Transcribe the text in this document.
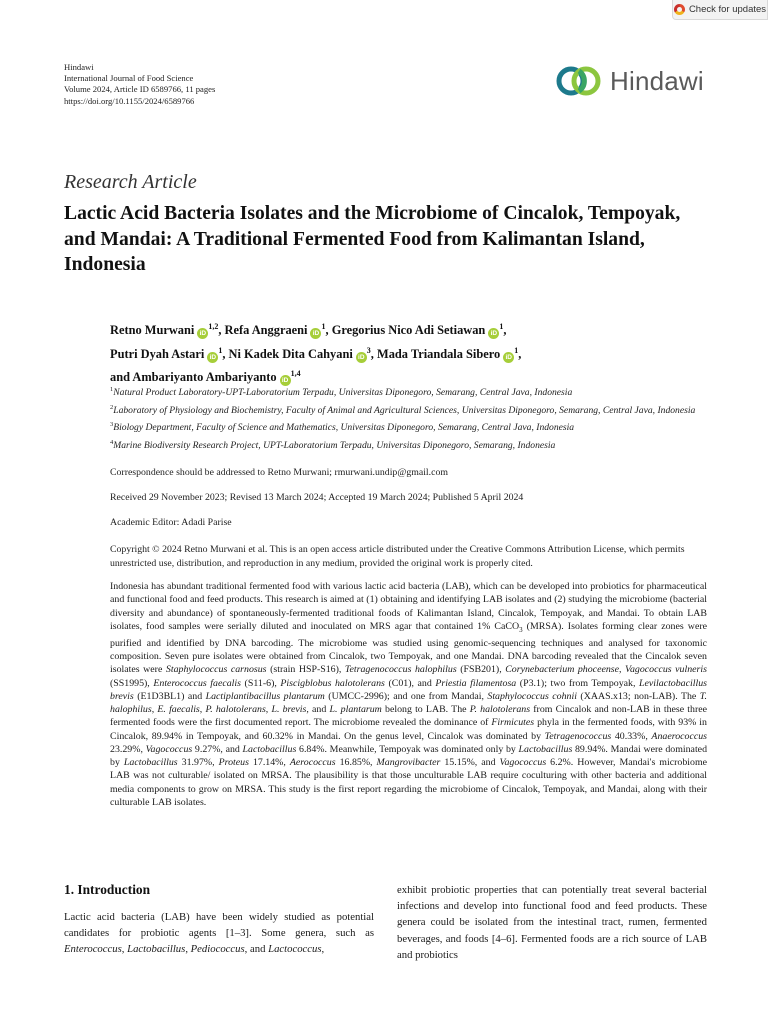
Check for updates
Hindawi
International Journal of Food Science
Volume 2024, Article ID 6589766, 11 pages
https://doi.org/10.1155/2024/6589766
Hindawi
Research Article
Lactic Acid Bacteria Isolates and the Microbiome of Cincalok, Tempoyak, and Mandai: A Traditional Fermented Food from Kalimantan Island, Indonesia
Retno Murwani iD$^{1,2}$, Refa Anggraeni $iD^1$, Gregorius Nico Adi Setiawan $iD^1$,
Putri Dyah Astari $iD^1$, Ni Kadek Dita Cahyani $iD^3$, Mada Triandala Sibero $iD^1$,
and Ambariyanto Ambariyanto iD$^{1,4}$
$^1$Natural Product Laboratory-UPT-Laboratorium Terpadu, Universitas Diponegoro, Semarang, Central Java, Indonesia
$^2$Laboratory of Physiology and Biochemistry, Faculty of Animal and Agricultural Sciences, Universitas Diponegoro, Semarang, Central Java, Indonesia
$^3$Biology Department, Faculty of Science and Mathematics, Universitas Diponegoro, Semarang, Central Java, Indonesia
$^4$Marine Biodiversity Research Project, UPT-Laboratorium Terpadu, Universitas Diponegoro, Semarang, Indonesia
Correspondence should be addressed to Retno Murwani; rmurwani.undip@gmail.com
Received 29 November 2023; Revised 13 March 2024; Accepted 19 March 2024; Published 5 April 2024
Academic Editor: Adadi Parise
Copyright © 2024 Retno Murwani et al. This is an open access article distributed under the Creative Commons Attribution License, which permits unrestricted use, distribution, and reproduction in any medium, provided the original work is properly cited.

Indonesia has abundant traditional fermented food with various lactic acid bacteria (LAB), which can be developed into probiotics for pharmaceutical and functional food and feed products. This research is aimed at (1) obtaining and identifying LAB isolates and (2) studying the microbiome (bacterial diversity and abundance) of spontaneously-fermented traditional foods of Kalimantan Island, Cincalok, Tempoyak, and Mandai. To obtain LAB isolates, food samples were serially diluted and inoculated on MRS agar that contained 1% CaCO$_3$ (MRSA). Isolates forming clear zones were purified and identified by DNA barcoding. The microbiome was studied using genomic-sequencing techniques and analysed for taxonomic composition. Seven pure isolates were obtained from Cincalok, two Tempoyak, and one Mandai. DNA barcoding revealed that the Cincalok seven isolates were Staphylococcus carnosus (strain HSP-S16), Tetragenococcus halophilus (FSB201), Corynebacterium phoceense, Vagococcus vulneris (SS1995), Enterococcus faecalis (S11-6), Piscigblobus halotolerans (C01), and Priestia filamentosa (P3.1); two from Tempoyak, Levilactobacillus brevis (E1D3BL1) and Lactiplantibacillus plantarum (UMCC-2996); and one from Mandai, Staphylococcus cohnii (XAAS.x13; non-LAB). The T. halophilus, E. faecalis, P. halotolerans, L. brevis, and L. plantarum belong to LAB. The P. halotolerans from Cincalok and non-LAB in these three fermented foods were the first documented report. The microbiome revealed the dominance of Firmicutes phyla in the fermented foods, with 93% in Cincalok, 89.94% in Tempoyak, and 60.32% in Mandai. On the genus level, Cincalok was dominated by Tetragenococcus 40.33%, Anaerococcus 23.29%, Vagococcus 9.27%, and Lactobacillus 6.84%. Meanwhile, Tempoyak was dominated only by Lactobacillus 89.94%. Mandai were dominated by Lactobacillus 31.97%, Proteus 17.14%, Aerococcus 16.85%, Mangrovibacter 15.15%, and Vagococcus 6.2%. However, Mandai's microbiome LAB was not culturable/ isolated on MRSA. The plausibility is that those unculturable LAB require coculturing with other bacteria and additional media components to grow on MRSA. This study is the first report regarding the microbiome of Cincalok, Tempoyak, and Mandai, along with their culturable LAB isolates.

1. Introduction

Lactic acid bacteria (LAB) have been widely studied as potential candidates for probiotic agents [1–3]. Some genera, such as Enterococcus, Lactobacillus, Pediococcus, and Lactococcus,

exhibit probiotic properties that can potentially treat several bacterial infections and develop into functional food and feed products. These genera could be isolated from the intestinal tract, rumen, fermented beverages, and foods [4–6]. Fermented foods are a rich source of LAB and probiotics
